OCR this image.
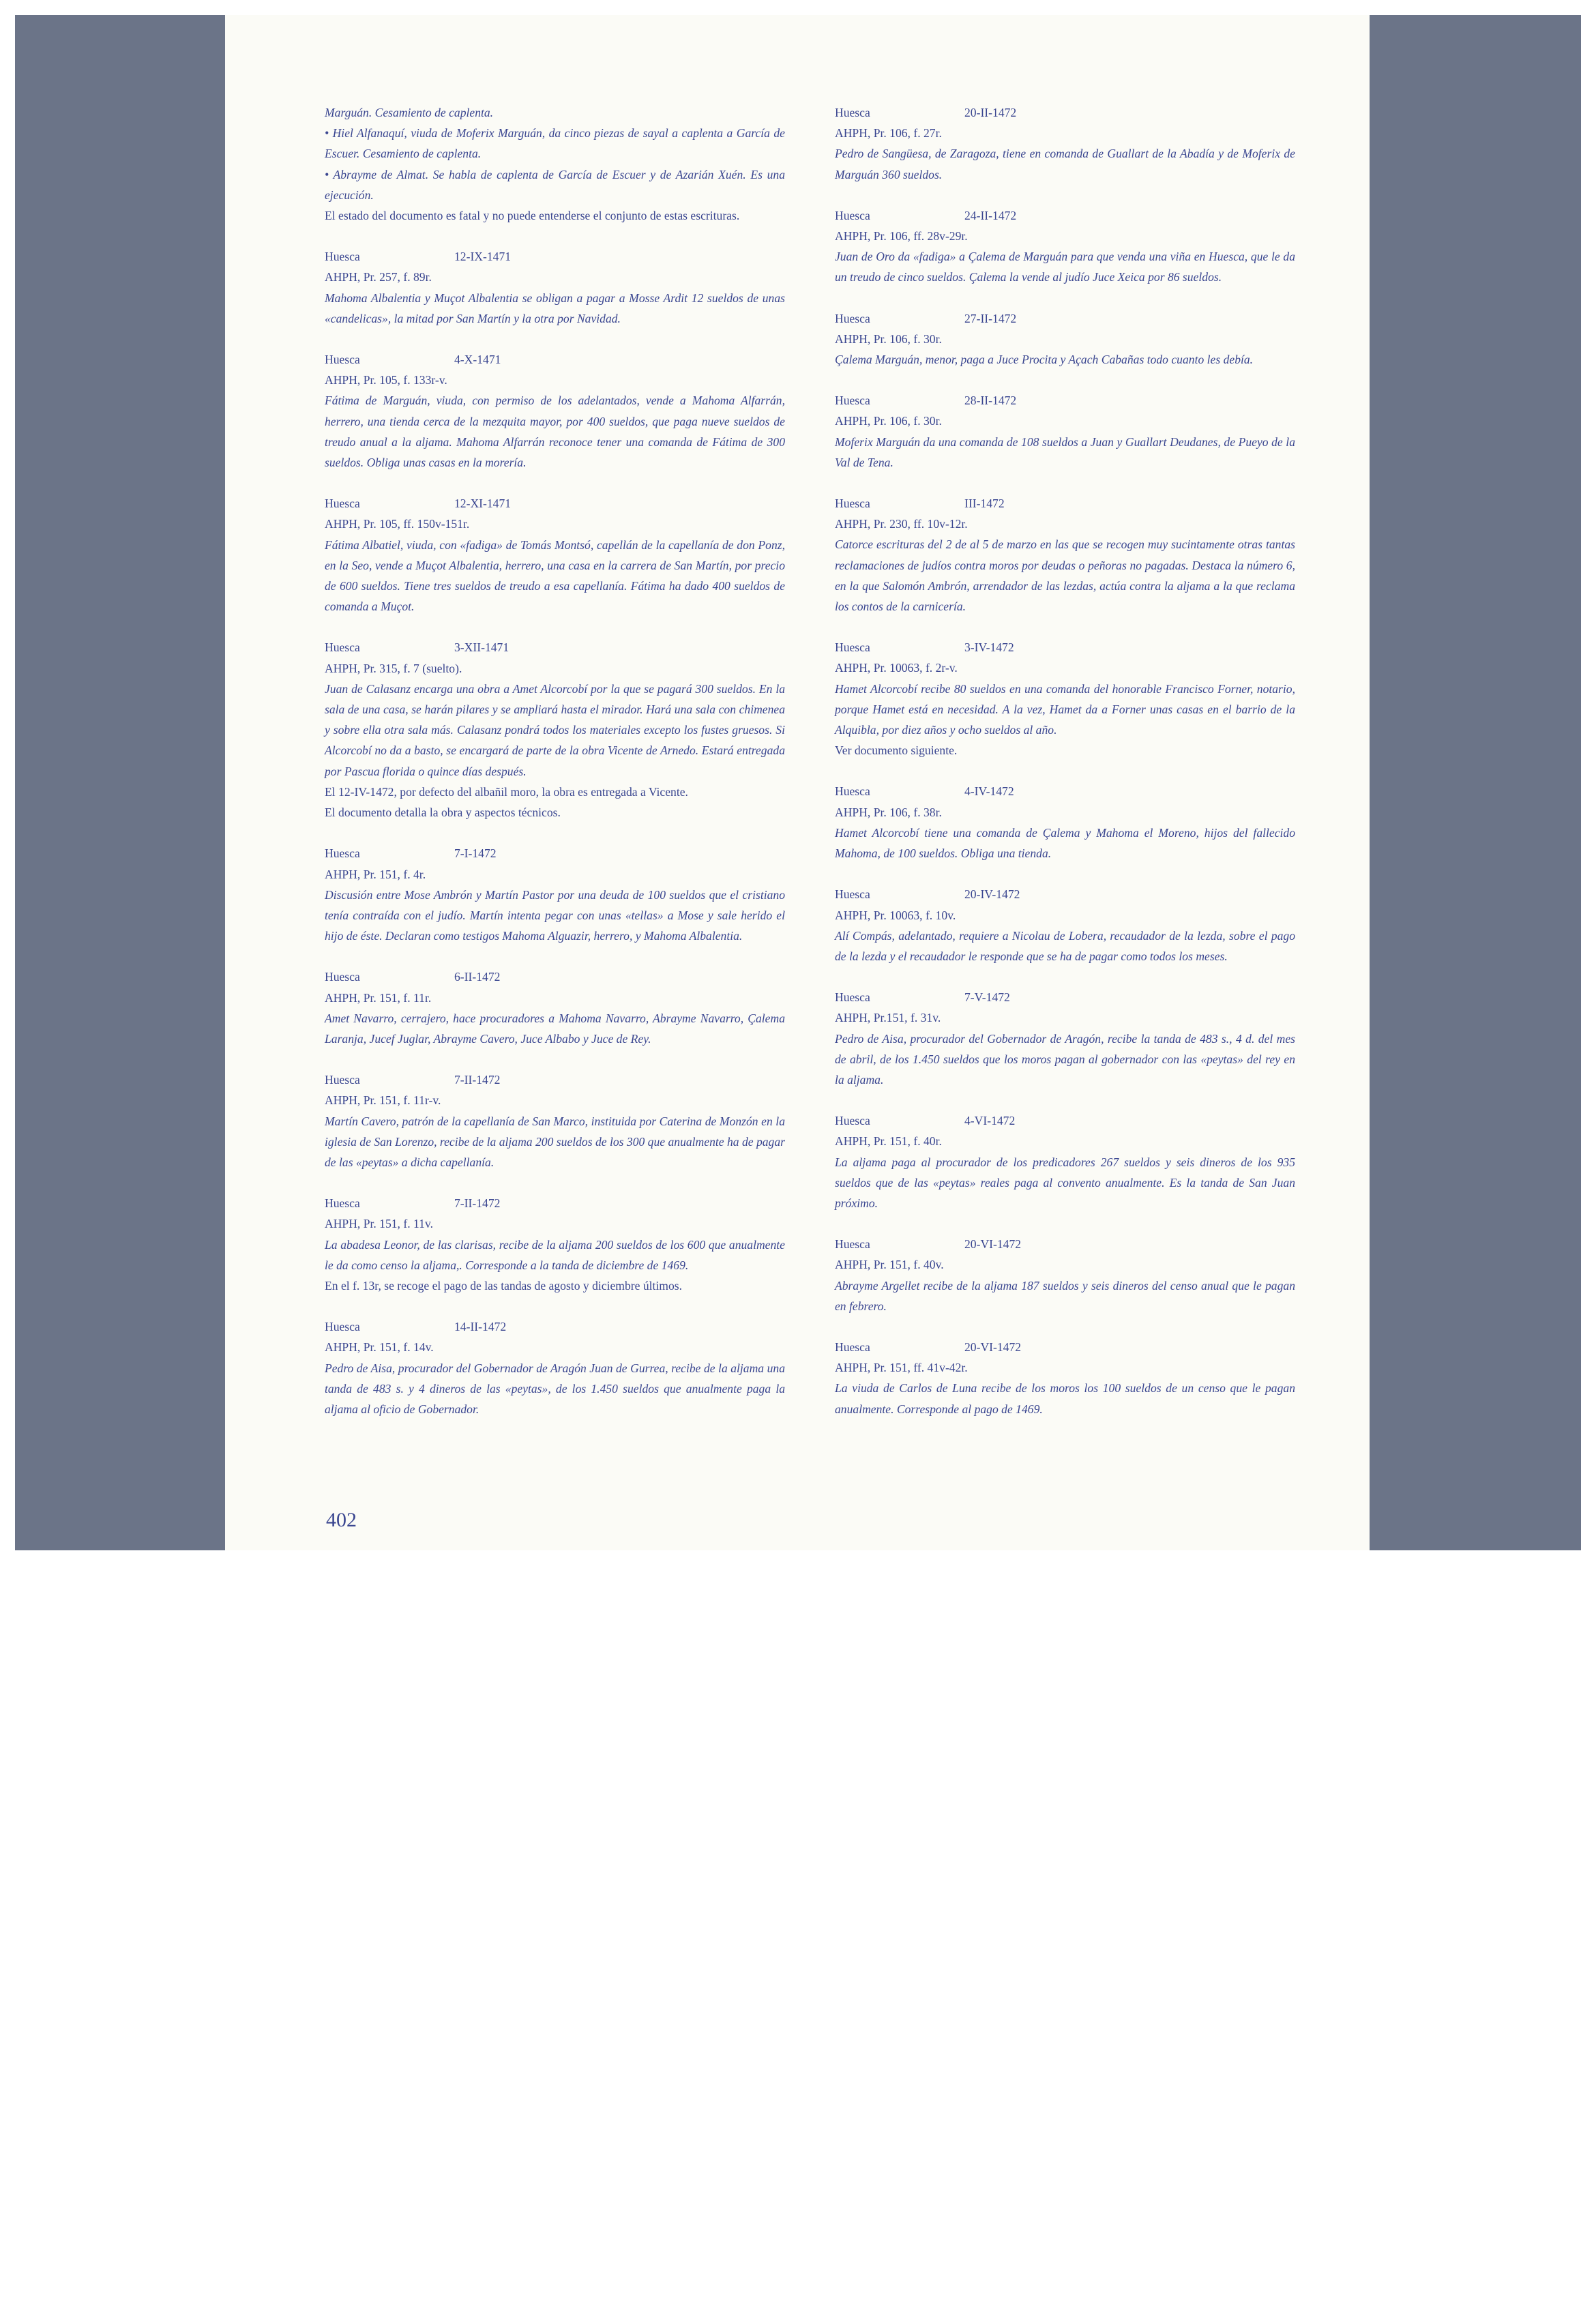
Marguán. Cesamiento de caplenta.
• Hiel Alfanaquí, viuda de Moferix Marguán, da cinco piezas de sayal a caplenta a García de Escuer. Cesamiento de caplenta.
• Abrayme de Almat. Se habla de caplenta de García de Escuer y de Azarián Xuén. Es una ejecución.
El estado del documento es fatal y no puede entenderse el conjunto de estas escrituras.
Huesca	12-IX-1471
AHPH, Pr. 257, f. 89r.
Mahoma Albalentia y Muçot Albalentia se obligan a pagar a Mosse Ardit 12 sueldos de unas «candelicas», la mitad por San Martín y la otra por Navidad.
Huesca	4-X-1471
AHPH, Pr. 105, f. 133r-v.
Fátima de Marguán, viuda, con permiso de los adelantados, vende a Mahoma Alfarrán, herrero, una tienda cerca de la mezquita mayor, por 400 sueldos, que paga nueve sueldos de treudo anual a la aljama. Mahoma Alfarrán reconoce tener una comanda de Fátima de 300 sueldos. Obliga unas casas en la morería.
Huesca	12-XI-1471
AHPH, Pr. 105, ff. 150v-151r.
Fátima Albatiel, viuda, con «fadiga» de Tomás Montsó, capellán de la capellanía de don Ponz, en la Seo, vende a Muçot Albalentia, herrero, una casa en la carrera de San Martín, por precio de 600 sueldos. Tiene tres sueldos de treudo a esa capellanía. Fátima ha dado 400 sueldos de comanda a Muçot.
Huesca	3-XII-1471
AHPH, Pr. 315, f. 7 (suelto).
Juan de Calasanz encarga una obra a Amet Alcorcobí por la que se pagará 300 sueldos. En la sala de una casa, se harán pilares y se ampliará hasta el mirador. Hará una sala con chimenea y sobre ella otra sala más. Calasanz pondrá todos los materiales excepto los fustes gruesos. Si Alcorcobí no da a basto, se encargará de parte de la obra Vicente de Arnedo. Estará entregada por Pascua florida o quince días después.
El 12-IV-1472, por defecto del albañil moro, la obra es entregada a Vicente.
El documento detalla la obra y aspectos técnicos.
Huesca	7-I-1472
AHPH, Pr. 151, f. 4r.
Discusión entre Mose Ambrón y Martín Pastor por una deuda de 100 sueldos que el cristiano tenía contraída con el judío. Martín intenta pegar con unas «tellas» a Mose y sale herido el hijo de éste. Declaran como testigos Mahoma Alguazir, herrero, y Mahoma Albalentia.
Huesca	6-II-1472
AHPH, Pr. 151, f. 11r.
Amet Navarro, cerrajero, hace procuradores a Mahoma Navarro, Abrayme Navarro, Çalema Laranja, Jucef Juglar, Abrayme Cavero, Juce Albabo y Juce de Rey.
Huesca	7-II-1472
AHPH, Pr. 151, f. 11r-v.
Martín Cavero, patrón de la capellanía de San Marco, instituida por Caterina de Monzón en la iglesia de San Lorenzo, recibe de la aljama 200 sueldos de los 300 que anualmente ha de pagar de las «peytas» a dicha capellanía.
Huesca	7-II-1472
AHPH, Pr. 151, f. 11v.
La abadesa Leonor, de las clarisas, recibe de la aljama 200 sueldos de los 600 que anualmente le da como censo la aljama,. Corresponde a la tanda de diciembre de 1469.
En el f. 13r, se recoge el pago de las tandas de agosto y diciembre últimos.
Huesca	14-II-1472
AHPH, Pr. 151, f. 14v.
Pedro de Aisa, procurador del Gobernador de Aragón Juan de Gurrea, recibe de la aljama una tanda de 483 s. y 4 dineros de las «peytas», de los 1.450 sueldos que anualmente paga la aljama al oficio de Gobernador.
Huesca	20-II-1472
AHPH, Pr. 106, f. 27r.
Pedro de Sangüesa, de Zaragoza, tiene en comanda de Guallart de la Abadía y de Moferix de Marguán 360 sueldos.
Huesca	24-II-1472
AHPH, Pr. 106, ff. 28v-29r.
Juan de Oro da «fadiga» a Çalema de Marguán para que venda una viña en Huesca, que le da un treudo de cinco sueldos. Çalema la vende al judío Juce Xeica por 86 sueldos.
Huesca	27-II-1472
AHPH, Pr. 106, f. 30r.
Çalema Marguán, menor, paga a Juce Procita y Açach Cabañas todo cuanto les debía.
Huesca	28-II-1472
AHPH, Pr. 106, f. 30r.
Moferix Marguán da una comanda de 108 sueldos a Juan y Guallart Deudanes, de Pueyo de la Val de Tena.
Huesca	III-1472
AHPH, Pr. 230, ff. 10v-12r.
Catorce escrituras del 2 de al 5 de marzo en las que se recogen muy sucintamente otras tantas reclamaciones de judíos contra moros por deudas o peñoras no pagadas. Destaca la número 6, en la que Salomón Ambrón, arrendador de las lezdas, actúa contra la aljama a la que reclama los contos de la carnicería.
Huesca	3-IV-1472
AHPH, Pr. 10063, f. 2r-v.
Hamet Alcorcobí recibe 80 sueldos en una comanda del honorable Francisco Forner, notario, porque Hamet está en necesidad. A la vez, Hamet da a Forner unas casas en el barrio de la Alquibla, por diez años y ocho sueldos al año.
Ver documento siguiente.
Huesca	4-IV-1472
AHPH, Pr. 106, f. 38r.
Hamet Alcorcobí tiene una comanda de Çalema y Mahoma el Moreno, hijos del fallecido Mahoma, de 100 sueldos. Obliga una tienda.
Huesca	20-IV-1472
AHPH, Pr. 10063, f. 10v.
Alí Compás, adelantado, requiere a Nicolau de Lobera, recaudador de la lezda, sobre el pago de la lezda y el recaudador le responde que se ha de pagar como todos los meses.
Huesca	7-V-1472
AHPH, Pr.151, f. 31v.
Pedro de Aisa, procurador del Gobernador de Aragón, recibe la tanda de 483 s., 4 d. del mes de abril, de los 1.450 sueldos que los moros pagan al gobernador con las «peytas» del rey en la aljama.
Huesca	4-VI-1472
AHPH, Pr. 151, f. 40r.
La aljama paga al procurador de los predicadores 267 sueldos y seis dineros de los 935 sueldos que de las «peytas» reales paga al convento anualmente. Es la tanda de San Juan próximo.
Huesca	20-VI-1472
AHPH, Pr. 151, f. 40v.
Abrayme Argellet recibe de la aljama 187 sueldos y seis dineros del censo anual que le pagan en febrero.
Huesca	20-VI-1472
AHPH, Pr. 151, ff. 41v-42r.
La viuda de Carlos de Luna recibe de los moros los 100 sueldos de un censo que le pagan anualmente. Corresponde al pago de 1469.
402
